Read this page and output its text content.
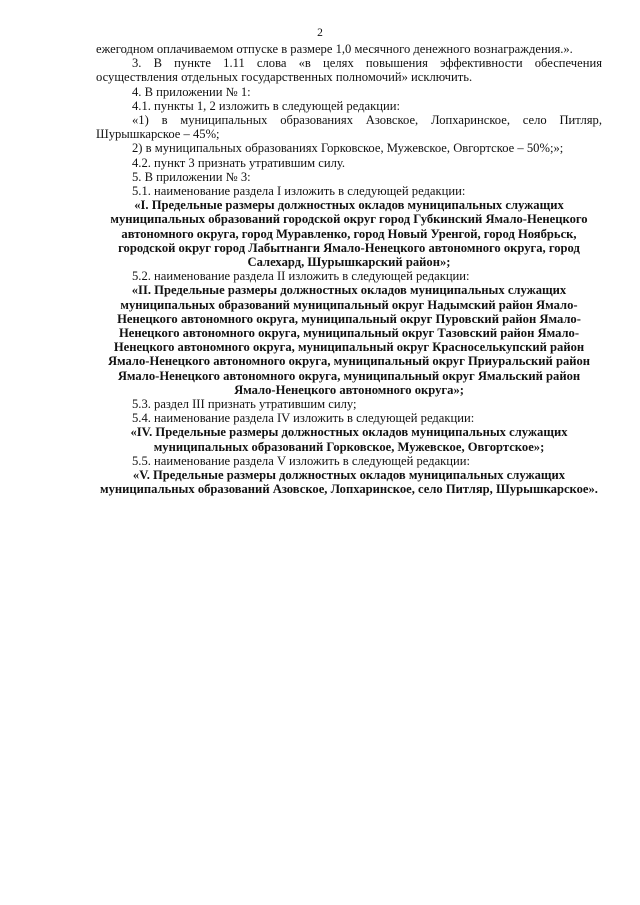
2

ежегодном оплачиваемом отпуске в размере 1,0 месячного денежного вознаграждения.».

3. В пункте 1.11 слова «в целях повышения эффективности обеспечения осуществления отдельных государственных полномочий» исключить.

4. В приложении № 1:

4.1. пункты 1, 2 изложить в следующей редакции:

«1) в муниципальных образованиях Азовское, Лопхаринское, село Питляр, Шурышкарское – 45%;

2) в муниципальных образованиях Горковское, Мужевское, Овгортское – 50%;»;

4.2. пункт 3 признать утратившим силу.

5. В приложении № 3:

5.1. наименование раздела I изложить в следующей редакции:

«I. Предельные размеры должностных окладов муниципальных служащих муниципальных образований городской округ город Губкинский Ямало-Ненецкого автономного округа, город Муравленко, город Новый Уренгой, город Ноябрьск, городской округ город Лабытнанги Ямало-Ненецкого автономного округа, город Салехард, Шурышкарский район»;

5.2. наименование раздела II изложить в следующей редакции:

«II. Предельные размеры должностных окладов муниципальных служащих муниципальных образований муниципальный округ Надымский район Ямало-Ненецкого автономного округа, муниципальный округ Пуровский район Ямало-Ненецкого автономного округа, муниципальный округ Тазовский район Ямало-Ненецкого автономного округа, муниципальный округ Красноселькупский район Ямало-Ненецкого автономного округа, муниципальный округ Приуральский район Ямало-Ненецкого автономного округа, муниципальный округ Ямальский район Ямало-Ненецкого автономного округа»;

5.3. раздел III признать утратившим силу;

5.4. наименование раздела IV изложить в следующей редакции:

«IV. Предельные размеры должностных окладов муниципальных служащих муниципальных образований Горковское, Мужевское, Овгортское»;

5.5. наименование раздела V изложить в следующей редакции:

«V. Предельные размеры должностных окладов муниципальных служащих муниципальных образований Азовское, Лопхаринское, село Питляр, Шурышкарское».
